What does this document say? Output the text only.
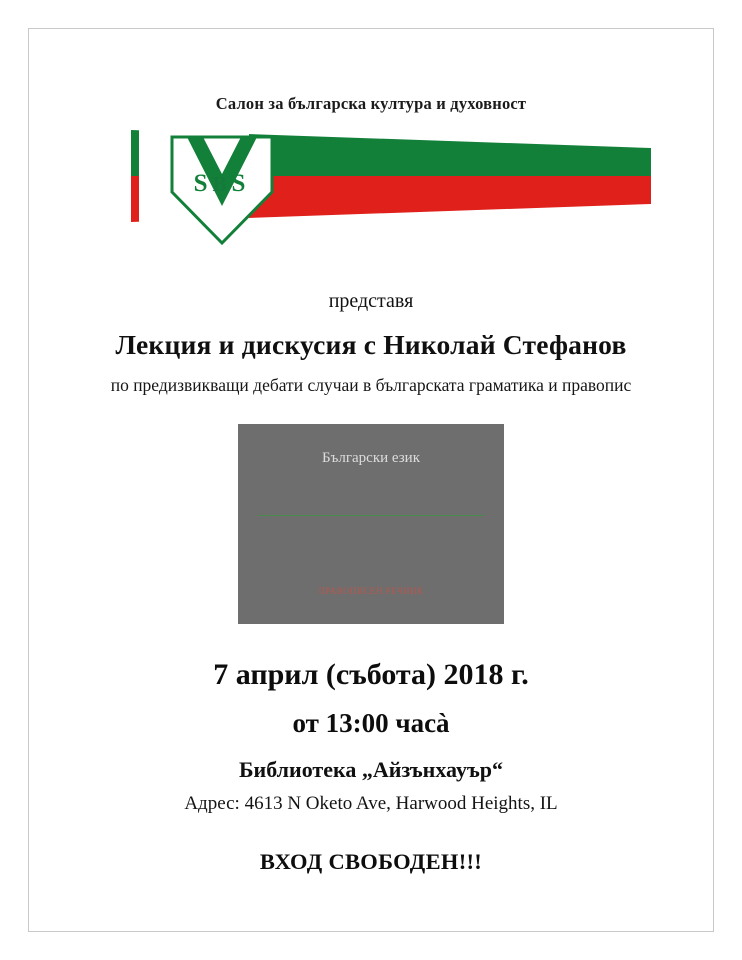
Салон за българска култура и духовност
SBS
представя
Лекция и дискусия с Николай Стефанов
по предизвикващи дебати случаи в българската граматика и правопис
Български език
ПРАВОПИСЕН РЕЧНИК
7 април (събота) 2018 г.
от 13:00 часà
Библиотека „Айзънхауър“
Адрес: 4613 N Oketo Ave, Harwood Heights, IL
ВХОД СВОБОДЕН!!!
